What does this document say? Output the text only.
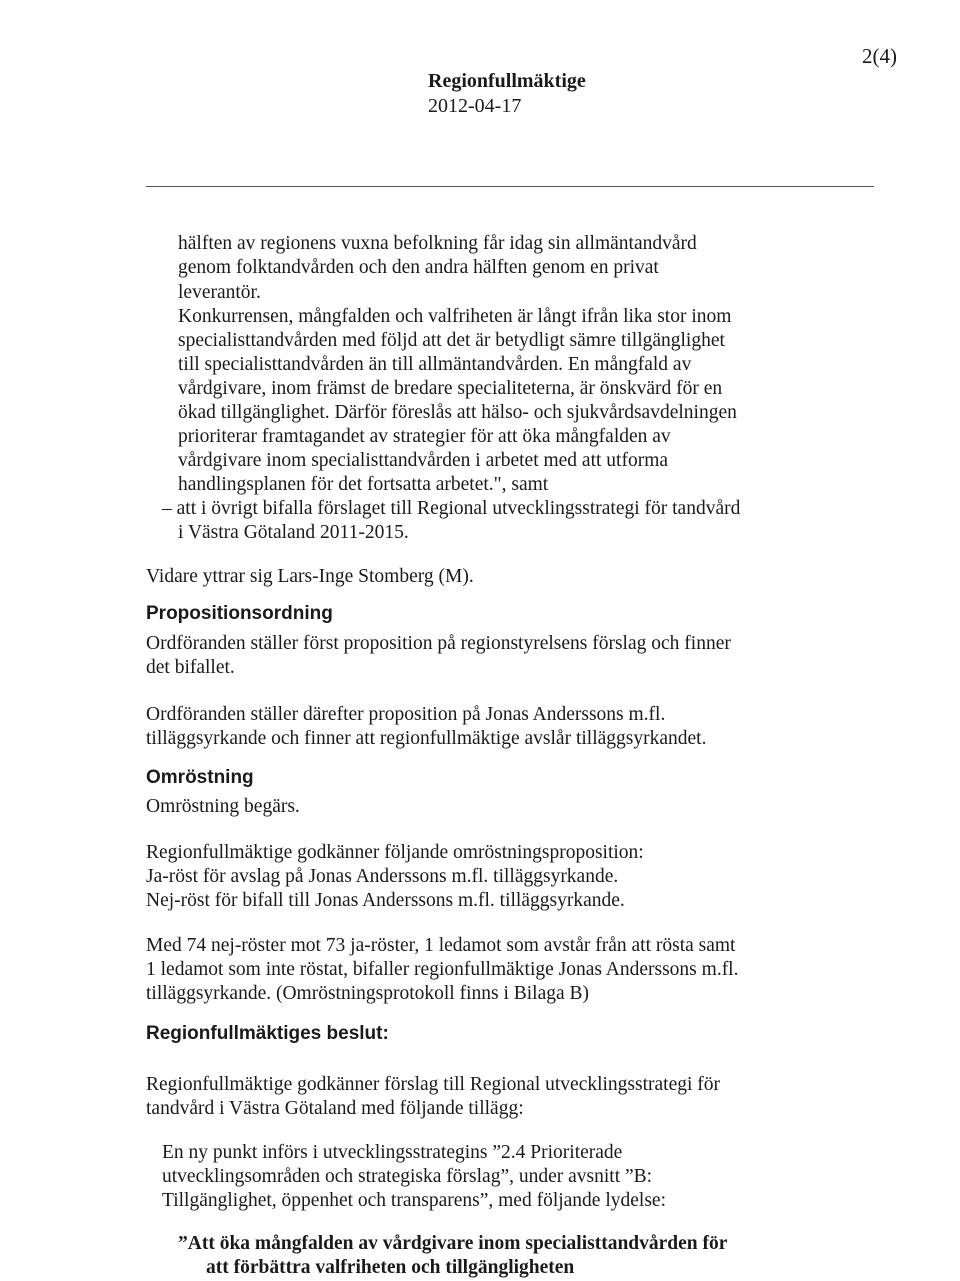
2(4)
Regionfullmäktige
2012-04-17
hälften av regionens vuxna befolkning får idag sin allmäntandvård
genom folktandvården och den andra hälften genom en privat
leverantör.
Konkurrensen, mångfalden och valfriheten är långt ifrån lika stor inom
specialisttandvården med följd att det är betydligt sämre tillgänglighet
till specialisttandvården än till allmäntandvården. En mångfald av
vårdgivare, inom främst de bredare specialiteterna, är önskvärd för en
ökad tillgänglighet. Därför föreslås att hälso- och sjukvårdsavdelningen
prioriterar framtagandet av strategier för att öka mångfalden av
vårdgivare inom specialisttandvården i arbetet med att utforma
handlingsplanen för det fortsatta arbetet.", samt
– att i övrigt bifalla förslaget till Regional utvecklingsstrategi för tandvård
i Västra Götaland 2011-2015.
Vidare yttrar sig Lars-Inge Stomberg (M).
Propositionsordning
Ordföranden ställer först proposition på regionstyrelsens förslag och finner
det bifallet.
Ordföranden ställer därefter proposition på Jonas Anderssons m.fl.
tilläggsyrkande och finner att regionfullmäktige avslår tilläggsyrkandet.
Omröstning
Omröstning begärs.
Regionfullmäktige godkänner följande omröstningsproposition:
Ja-röst för avslag på Jonas Anderssons m.fl. tilläggsyrkande.
Nej-röst för bifall till Jonas Anderssons m.fl. tilläggsyrkande.
Med 74 nej-röster mot 73 ja-röster, 1 ledamot som avstår från att rösta samt
1 ledamot som inte röstat, bifaller regionfullmäktige Jonas Anderssons m.fl.
tilläggsyrkande. (Omröstningsprotokoll finns i Bilaga B)
Regionfullmäktiges beslut:
Regionfullmäktige godkänner förslag till Regional utvecklingsstrategi för
tandvård i Västra Götaland med följande tillägg:
En ny punkt införs i utvecklingsstrategins ”2.4 Prioriterade
utvecklingsområden och strategiska förslag”, under avsnitt ”B:
Tillgänglighet, öppenhet och transparens”, med följande lydelse:
”Att öka mångfalden av vårdgivare inom specialisttandvården för
att förbättra valfriheten och tillgängligheten
